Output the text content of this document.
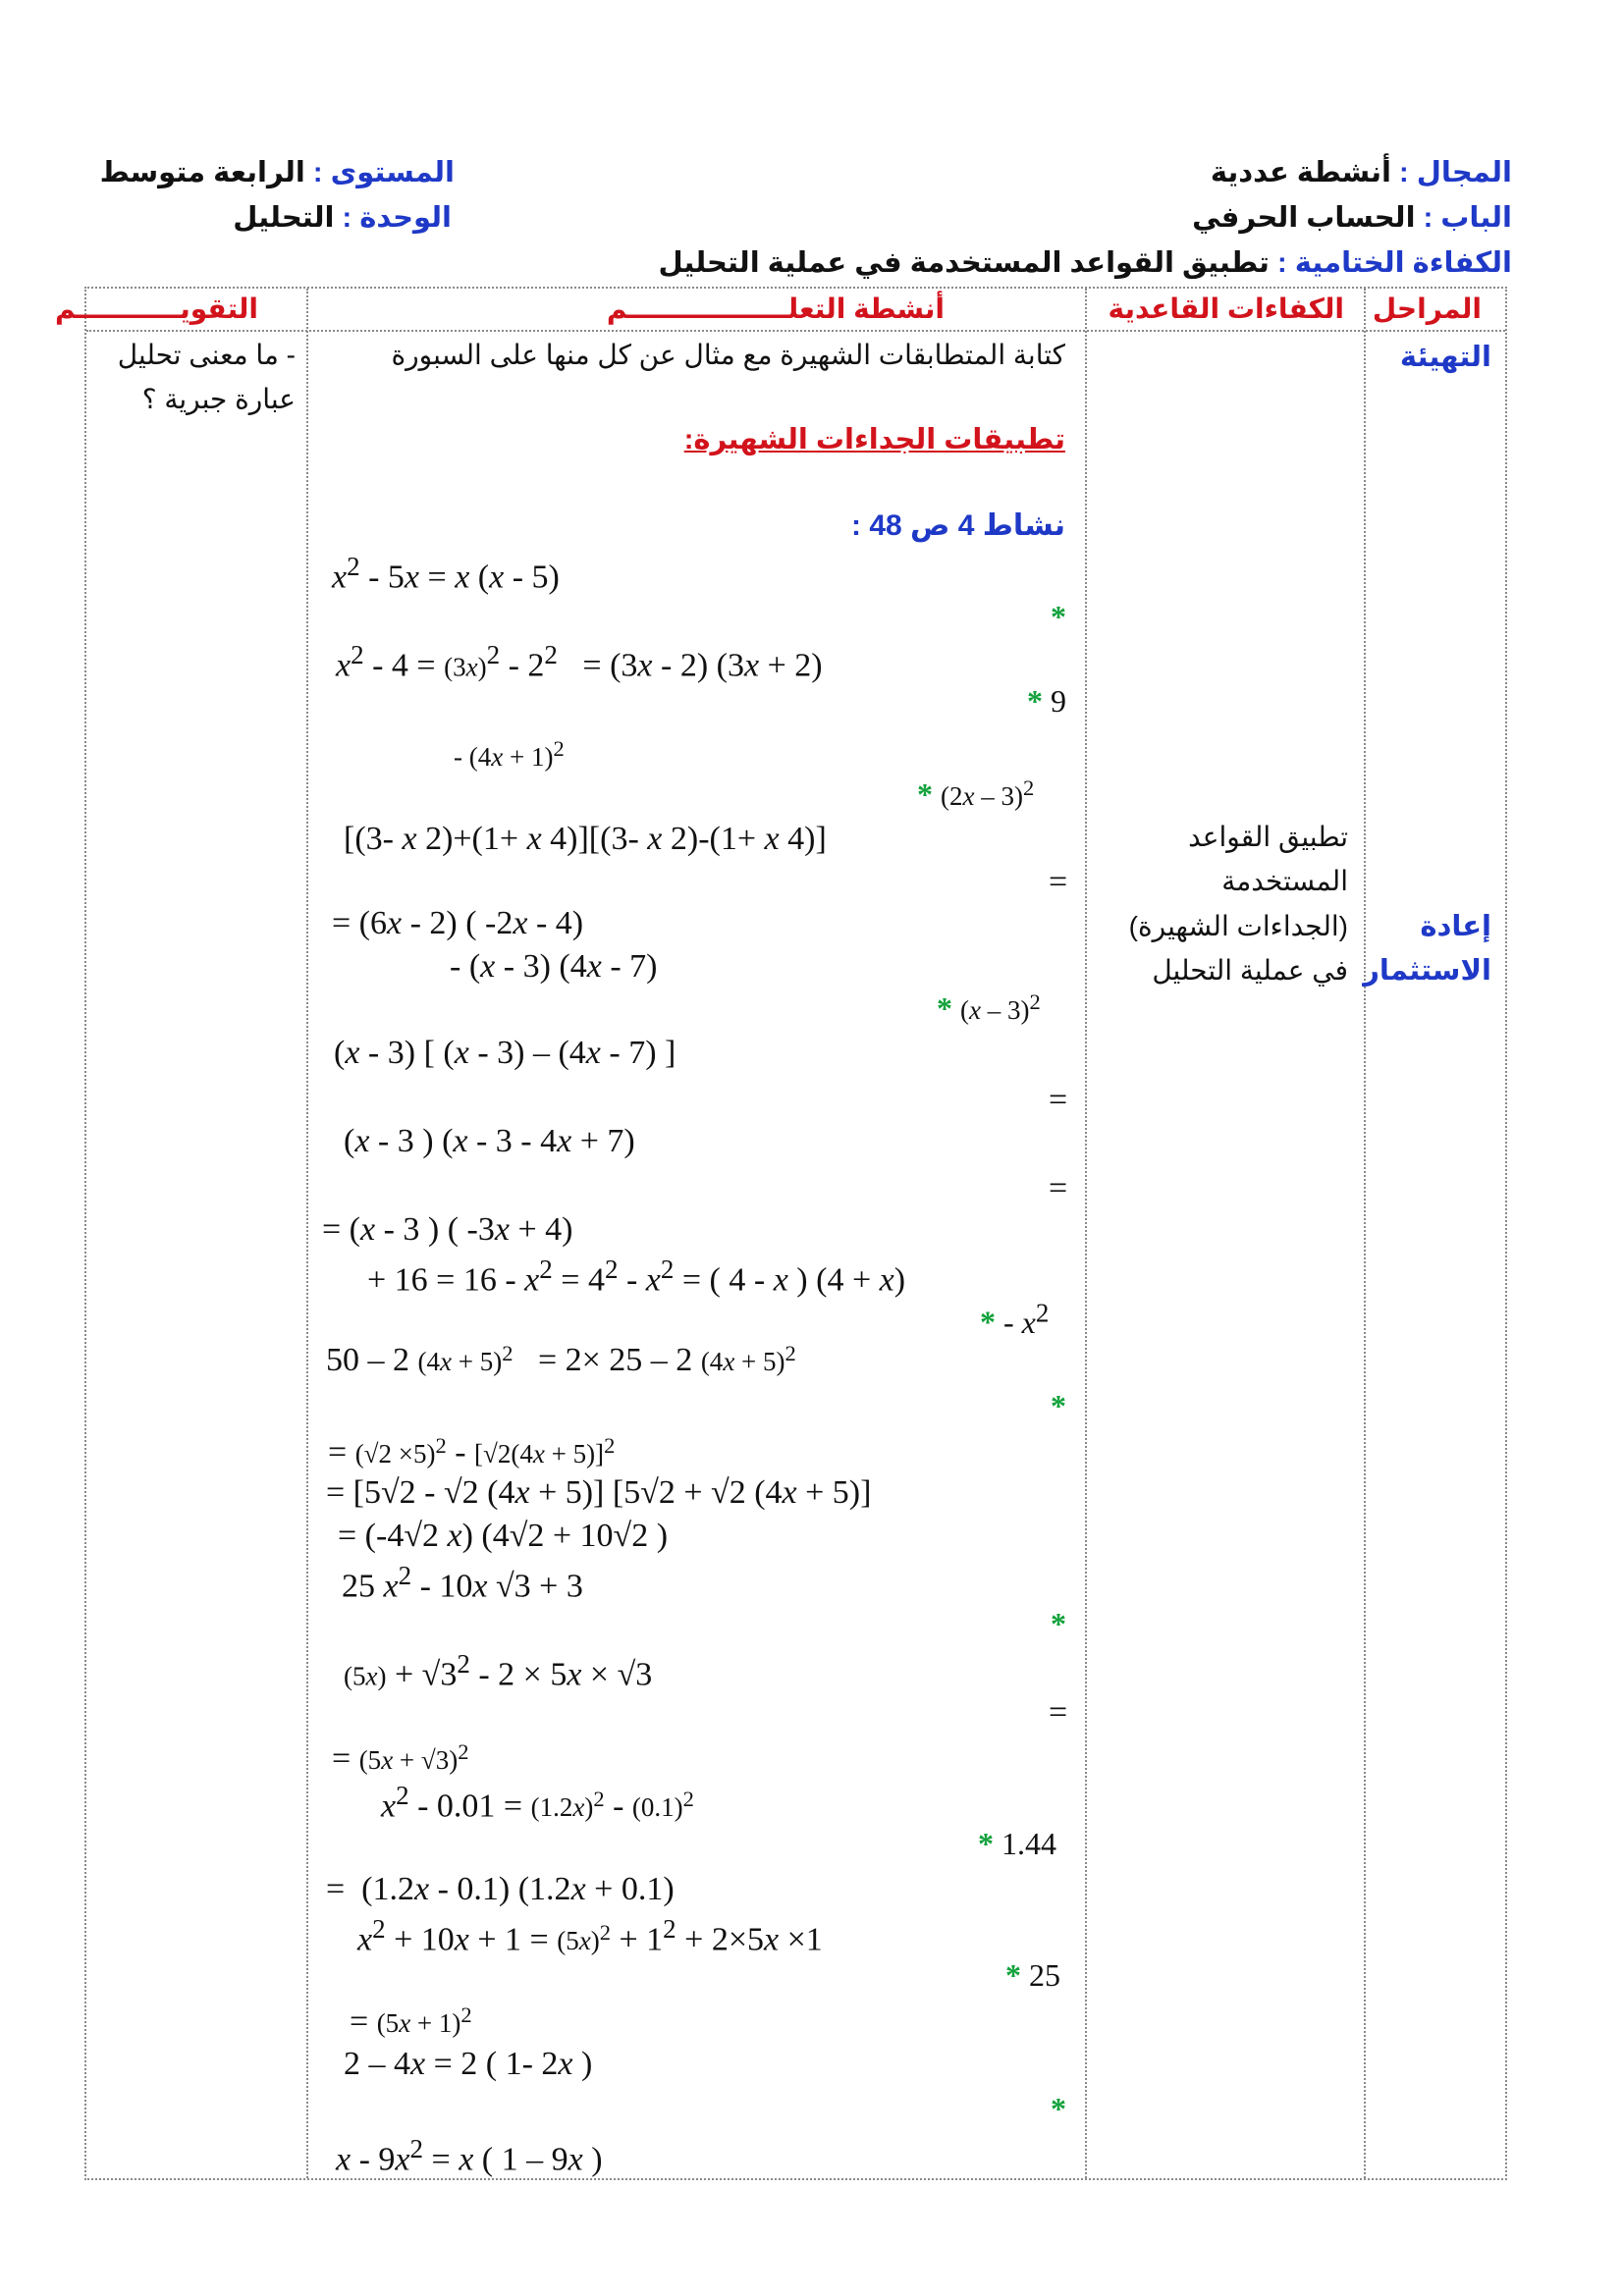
المجال : أنشطة عددية
الباب : الحساب الحرفي
الكفاءة الختامية : تطبيق القواعد المستخدمة في عملية التحليل
المستوى : الرابعة متوسط
الوحدة : التحليل
المراحل
الكفاءات القاعدية
أنشطة التعلـــــــــــــــــم
التقويـــــــــــم
التهيئة
إعادة
الاستثمار
تطبيق القواعد
المستخدمة
(الجداءات الشهيرة)
في عملية التحليل
- ما معنى تحليل
عبارة جبرية ؟
كتابة المتطابقات الشهيرة مع مثال عن كل منها على السبورة
تطبيقات الجداءات الشهيرة:
نشاط 4 ص 48 :
$x^2 - 5x = x$ (x - 5)
*
$x^2 - 4 = (3x)^2 - 2^2 = (3x - 2) (3x + 2)$
* 9
- $(4x + 1)^2$
* (2x – 3)$^2$
[(3- x 2)+(1+ x 4)][(3- x 2)-(1+ x 4)]
=
= (6x - 2) ( -2x - 4)
- (x - 3) (4x - 7)
* (x – 3)$^2$
(x - 3) [ (x - 3) – (4x - 7) ]
=
(x - 3 ) (x - 3 - 4x + 7)
=
= (x - 3 ) ( -3x + 4)
+ $16 = 16 - x^2 = 4^2 - x^2$ = ( 4 - x ) (4 + x)
* - $x^2$
50 – 2 $(4x + 5)^2 = 2\times 25 - 2$ $(4x + 5)^2$
*
= $(√2 \times 5)^2 - [√2(4x + 5)]^2$
= [5√2 - √2 (4x + 5)] [5√2 + √2 (4x + 5)]
= (-4√2 x) (4√2 + 10√2 )
25 $x^2 - 10x$ √3 + 3
*
$(5x) + √3^2 - 2 \times 5x \times √3$
=
= $(5x + √3)^2$
$x^2 - 0.01 = (1.2x)^2 - (0.1)^2$
* 1.44
=  (1.2x - 0.1) (1.2x + 0.1)
$x^2 + 10x + 1 = (5x)^2 + 1^2 + 2\times 5x \times 1$
* 25
= $(5x + 1)^2$
2 – 4x = 2 ( 1- 2x )
*
$x - 9x^2 = x$ ( 1 – 9x )
